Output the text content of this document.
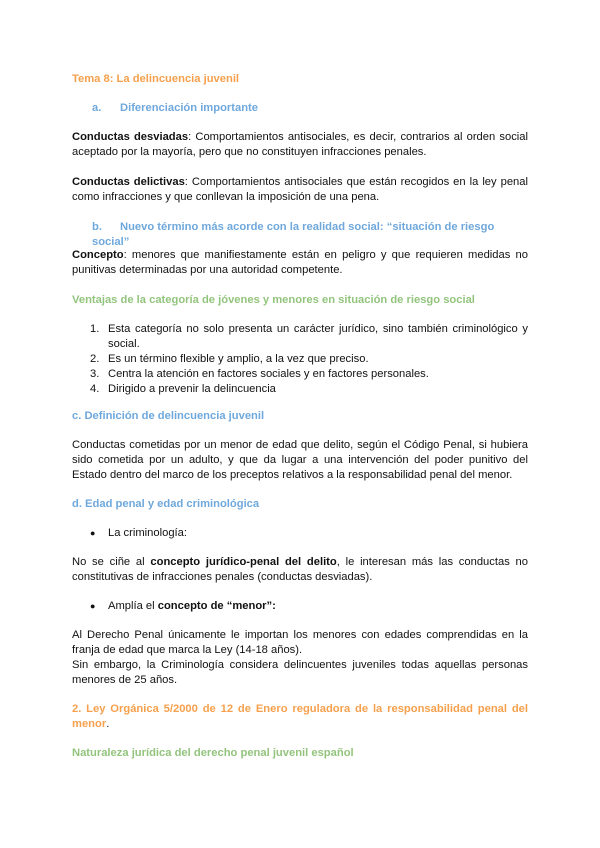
Tema 8: La delincuencia juvenil
a. Diferenciación importante
Conductas desviadas: Comportamientos antisociales, es decir, contrarios al orden social aceptado por la mayoría, pero que no constituyen infracciones penales.
Conductas delictivas: Comportamientos antisociales que están recogidos en la ley penal como infracciones y que conllevan la imposición de una pena.
b. Nuevo término más acorde con la realidad social: “situación de riesgo social”
Concepto: menores que manifiestamente están en peligro y que requieren medidas no punitivas determinadas por una autoridad competente.
Ventajas de la categoría de jóvenes y menores en situación de riesgo social
1. Esta categoría no solo presenta un carácter jurídico, sino también criminológico y social.
2. Es un término flexible y amplio, a la vez que preciso.
3. Centra la atención en factores sociales y en factores personales.
4. Dirigido a prevenir la delincuencia
c. Definición de delincuencia juvenil
Conductas cometidas por un menor de edad que delito, según el Código Penal, si hubiera sido cometida por un adulto, y que da lugar a una intervención del poder punitivo del Estado dentro del marco de los preceptos relativos a la responsabilidad penal del menor.
d. Edad penal y edad criminológica
●	La criminología:
No se ciñe al concepto jurídico-penal del delito, le interesan más las conductas no constitutivas de infracciones penales (conductas desviadas).
●	Amplía el concepto de “menor”:
Al Derecho Penal únicamente le importan los menores con edades comprendidas en la franja de edad que marca la Ley (14-18 años).
Sin embargo, la Criminología considera delincuentes juveniles todas aquellas personas menores de 25 años.
2. Ley Orgánica 5/2000 de 12 de Enero reguladora de la responsabilidad penal del menor.
Naturaleza jurídica del derecho penal juvenil español
